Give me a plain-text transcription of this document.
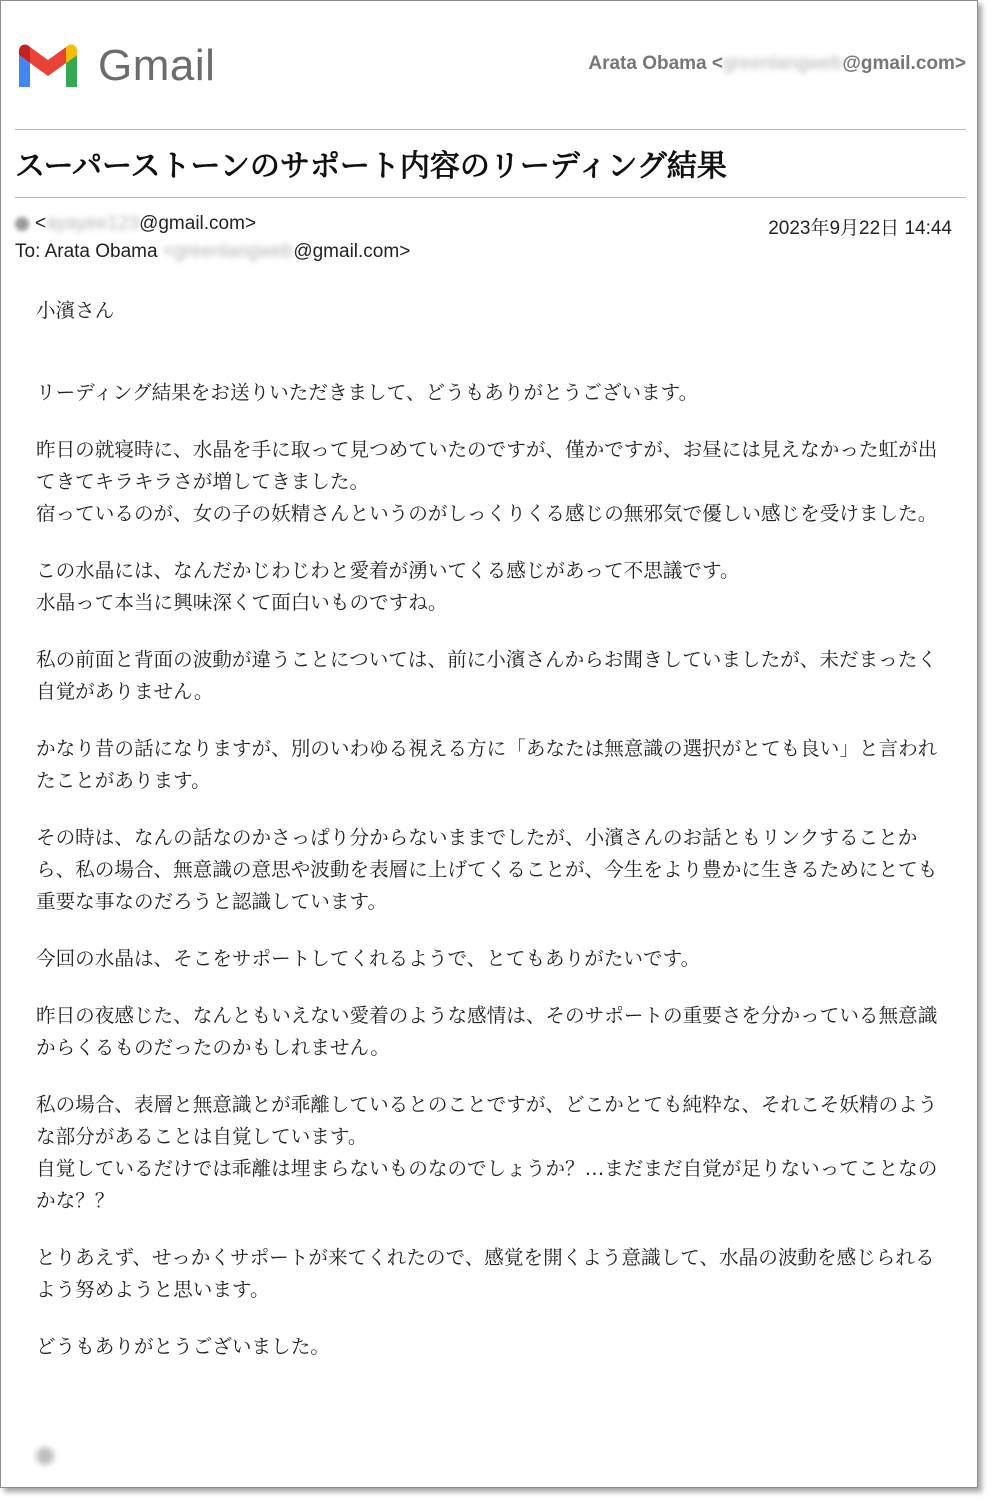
Gmail	Arata Obama <greenlangweb@gmail.com>
スーパーストーンのサポート内容のリーディング結果
<ayayee123@gmail.com>	2023年9月22日 14:44
To: Arata Obama <greenlangweb@gmail.com>

小濱さん

リーディング結果をお送りいただきまして、どうもありがとうございます。

昨日の就寝時に、水晶を手に取って見つめていたのですが、僅かですが、お昼には見えなかった虹が出てきてキラキラさが増してきました。

宿っているのが、女の子の妖精さんというのがしっくりくる感じの無邪気で優しい感じを受けました。

この水晶には、なんだかじわじわと愛着が湧いてくる感じがあって不思議です。

水晶って本当に興味深くて面白いものですね。

私の前面と背面の波動が違うことについては、前に小濱さんからお聞きしていましたが、未だまったく自覚がありません。

かなり昔の話になりますが、別のいわゆる視える方に「あなたは無意識の選択がとても良い」と言われたことがあります。

その時は、なんの話なのかさっぱり分からないままでしたが、小濱さんのお話ともリンクすることから、私の場合、無意識の意思や波動を表層に上げてくることが、今生をより豊かに生きるためにとても重要な事なのだろうと認識しています。

今回の水晶は、そこをサポートしてくれるようで、とてもありがたいです。

昨日の夜感じた、なんともいえない愛着のような感情は、そのサポートの重要さを分かっている無意識からくるものだったのかもしれません。

私の場合、表層と無意識とが乖離しているとのことですが、どこかとても純粋な、それこそ妖精のような部分があることは自覚しています。

自覚しているだけでは乖離は埋まらないものなのでしょうか？…まだまだ自覚が足りないってことなのかな？？

とりあえず、せっかくサポートが来てくれたので、感覚を開くよう意識して、水晶の波動を感じられるよう努めようと思います。

どうもありがとうございました。
